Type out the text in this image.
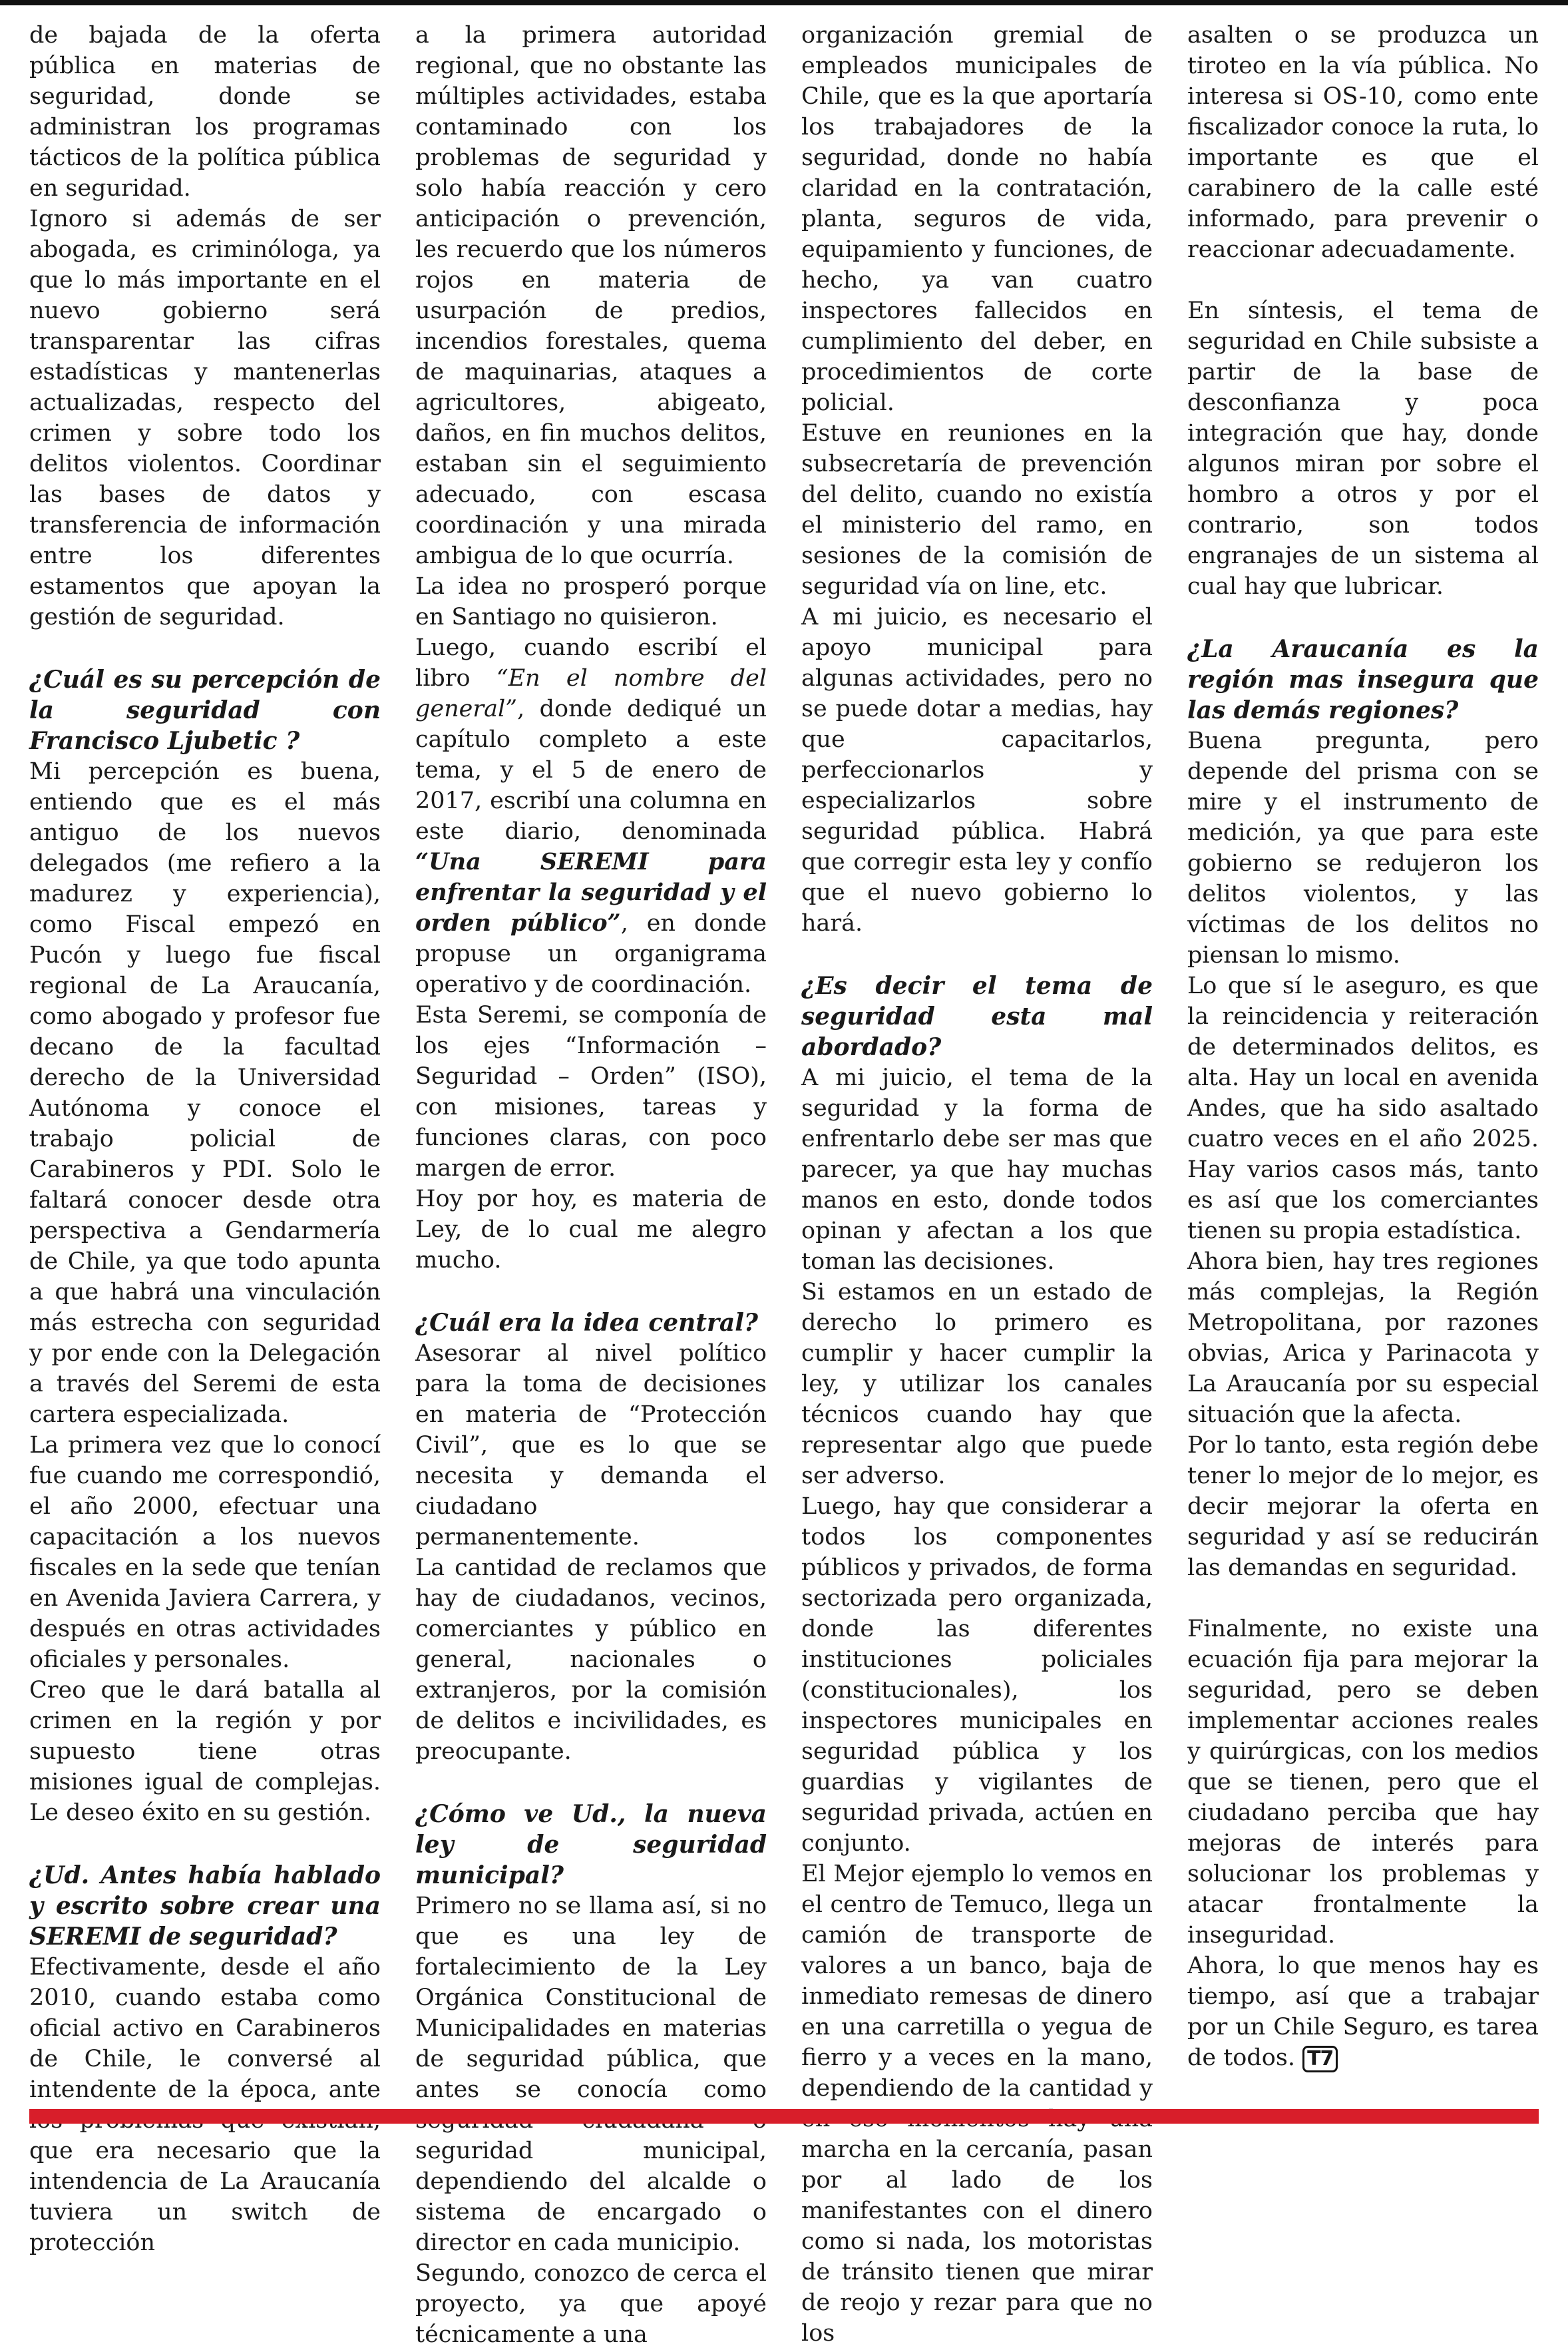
de bajada de la oferta pública en materias de seguridad, donde se administran los programas tácticos de la política pública en seguridad.

Ignoro si además de ser abogada, es criminóloga, ya que lo más importante en el nuevo gobierno será transparentar las cifras estadísticas y mantenerlas actualizadas, respecto del crimen y sobre todo los delitos violentos. Coordinar las bases de datos y transferencia de información entre los diferentes estamentos que apoyan la gestión de seguridad.

¿Cuál es su percepción de la seguridad con Francisco Ljubetic ?

Mi percepción es buena, entiendo que es el más antiguo de los nuevos delegados (me refiero a la madurez y experiencia), como Fiscal empezó en Pucón y luego fue fiscal regional de La Araucanía, como abogado y profesor fue decano de la facultad derecho de la Universidad Autónoma y conoce el trabajo policial de Carabineros y PDI. Solo le faltará conocer desde otra perspectiva a Gendarmería de Chile, ya que todo apunta a que habrá una vinculación más estrecha con seguridad y por ende con la Delegación a través del Seremi de esta cartera especializada.

La primera vez que lo conocí fue cuando me correspondió, el año 2000, efectuar una capacitación a los nuevos fiscales en la sede que tenían en Avenida Javiera Carrera, y después en otras actividades oficiales y personales.

Creo que le dará batalla al crimen en la región y por supuesto tiene otras misiones igual de complejas. Le deseo éxito en su gestión.

¿Ud. Antes había hablado y escrito sobre crear una SEREMI de seguridad?

Efectivamente, desde el año 2010, cuando estaba como oficial activo en Carabineros de Chile, le conversé al intendente de la época, ante que era necesario que la intendencia de La Araucanía tuviera un switch de protección

a la primera autoridad regional, que no obstante las múltiples actividades, estaba contaminado con los problemas de seguridad y solo había reacción y cero anticipación o prevención, les recuerdo que los números rojos en materia de usurpación de predios, incendios forestales, quema de maquinarias, ataques a agricultores, abigeato, daños, en fin muchos delitos, estaban sin el seguimiento adecuado, con escasa coordinación y una mirada ambigua de lo que ocurría.

La idea no prosperó porque en Santiago no quisieron.

Luego, cuando escribí el libro “En el nombre del general”, donde dediqué un capítulo completo a este tema, y el 5 de enero de 2017, escribí una columna en este diario, denominada “Una SEREMI para enfrentar la seguridad y el orden público”, en donde propuse un organigrama operativo y de coordinación.

Esta Seremi, se componía de los ejes “Información – Seguridad – Orden” (ISO), con misiones, tareas y funciones claras, con poco margen de error.

Hoy por hoy, es materia de Ley, de lo cual me alegro mucho.

¿Cuál era la idea central?

Asesorar al nivel político para la toma de decisiones en materia de “Protección Civil”, que es lo que se necesita y demanda el ciudadano permanentemente.

La cantidad de reclamos que hay de ciudadanos, vecinos, comerciantes y público en general, nacionales o extranjeros, por la comisión de delitos e incivilidades, es preocupante.

¿Cómo ve Ud., la nueva ley de seguridad municipal?

Primero no se llama así, si no que es una ley de fortalecimiento de la Ley Orgánica Constitucional de Municipalidades en materias de seguridad pública, que antes se conocía como seguridad municipal, dependiendo del alcalde o sistema de encargado o director en cada municipio.

Segundo, conozco de cerca el proyecto, ya que apoyé técnicamente a una

organización gremial de empleados municipales de Chile, que es la que aportaría los trabajadores de la seguridad, donde no había claridad en la contratación, planta, seguros de vida, equipamiento y funciones, de hecho, ya van cuatro inspectores fallecidos en cumplimiento del deber, en procedimientos de corte policial.

Estuve en reuniones en la subsecretaría de prevención del delito, cuando no existía el ministerio del ramo, en sesiones de la comisión de seguridad vía on line, etc.

A mi juicio, es necesario el apoyo municipal para algunas actividades, pero no se puede dotar a medias, hay que capacitarlos, perfeccionarlos y especializarlos sobre seguridad pública. Habrá que corregir esta ley y confío que el nuevo gobierno lo hará.

¿Es decir el tema de seguridad esta mal abordado?

A mi juicio, el tema de la seguridad y la forma de enfrentarlo debe ser mas que parecer, ya que hay muchas manos en esto, donde todos opinan y afectan a los que toman las decisiones.

Si estamos en un estado de derecho lo primero es cumplir y hacer cumplir la ley, y utilizar los canales técnicos cuando hay que representar algo que puede ser adverso.

Luego, hay que considerar a todos los componentes públicos y privados, de forma sectorizada pero organizada, donde las diferentes instituciones policiales (constitucionales), los inspectores municipales en seguridad pública y los guardias y vigilantes de seguridad privada, actúen en conjunto.

El Mejor ejemplo lo vemos en el centro de Temuco, llega un camión de transporte de valores a un banco, baja de inmediato remesas de dinero en una carretilla o yegua de fierro y a veces en la mano, dependiendo de la cantidad y marcha en la cercanía, pasan por al lado de los manifestantes con el dinero como si nada, los motoristas de tránsito tienen que mirar de reojo y rezar para que no los

asalten o se produzca un tiroteo en la vía pública. No interesa si OS-10, como ente fiscalizador conoce la ruta, lo importante es que el carabinero de la calle esté informado, para prevenir o reaccionar adecuadamente.

En síntesis, el tema de seguridad en Chile subsiste a partir de la base de desconfianza y poca integración que hay, donde algunos miran por sobre el hombro a otros y por el contrario, son todos engranajes de un sistema al cual hay que lubricar.

¿La Araucanía es la región mas insegura que las demás regiones?

Buena pregunta, pero depende del prisma con se mire y el instrumento de medición, ya que para este gobierno se redujeron los delitos violentos, y las víctimas de los delitos no piensan lo mismo.

Lo que sí le aseguro, es que la reincidencia y reiteración de determinados delitos, es alta. Hay un local en avenida Andes, que ha sido asaltado cuatro veces en el año 2025. Hay varios casos más, tanto es así que los comerciantes tienen su propia estadística.

Ahora bien, hay tres regiones más complejas, la Región Metropolitana, por razones obvias, Arica y Parinacota y La Araucanía por su especial situación que la afecta.

Por lo tanto, esta región debe tener lo mejor de lo mejor, es decir mejorar la oferta en seguridad y así se reducirán las demandas en seguridad.

Finalmente, no existe una ecuación fija para mejorar la seguridad, pero se deben implementar acciones reales y quirúrgicas, con los medios que se tienen, pero que el ciudadano perciba que hay mejoras de interés para solucionar los problemas y atacar frontalmente la inseguridad.

Ahora, lo que menos hay es tiempo, así que a trabajar por un Chile Seguro, es tarea de todos. T7
